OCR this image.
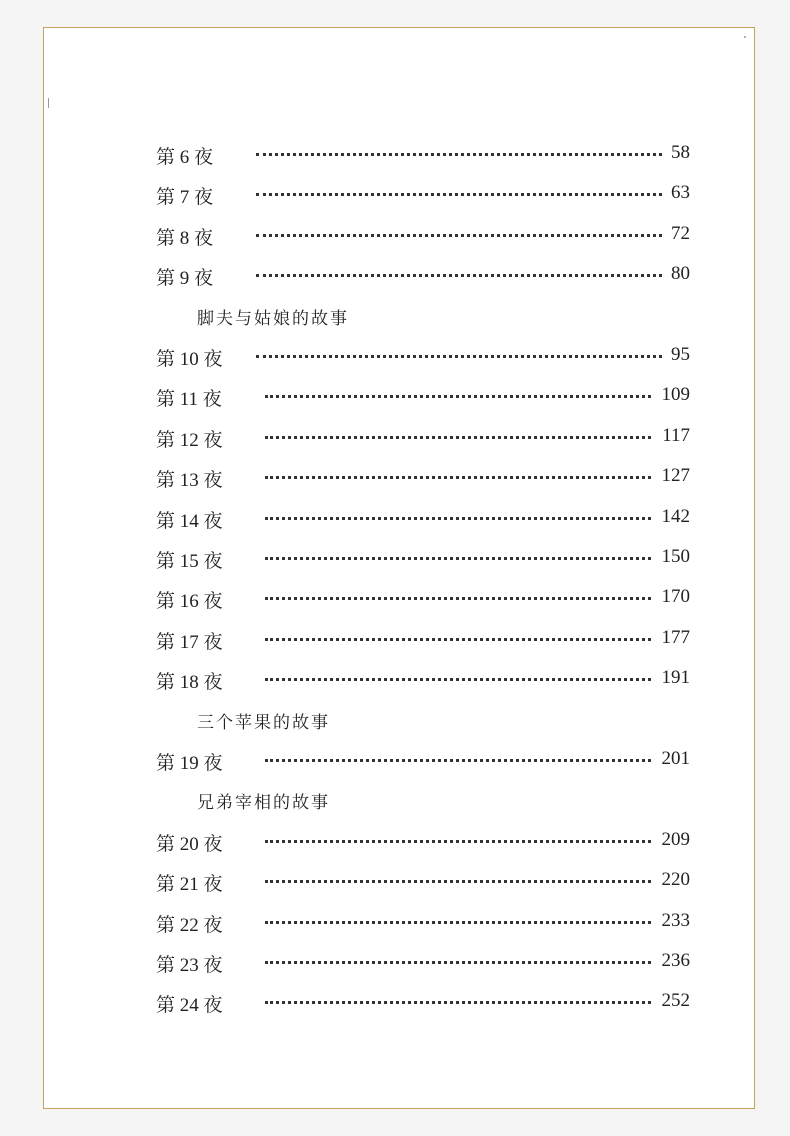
第 6 夜	58
第 7 夜	63
第 8 夜	72
第 9 夜	80
脚夫与姑娘的故事
第 10 夜	95
第 11 夜	109
第 12 夜	117
第 13 夜	127
第 14 夜	142
第 15 夜	150
第 16 夜	170
第 17 夜	177
第 18 夜	191
三个苹果的故事
第 19 夜	201
兄弟宰相的故事
第 20 夜	209
第 21 夜	220
第 22 夜	233
第 23 夜	236
第 24 夜	252
